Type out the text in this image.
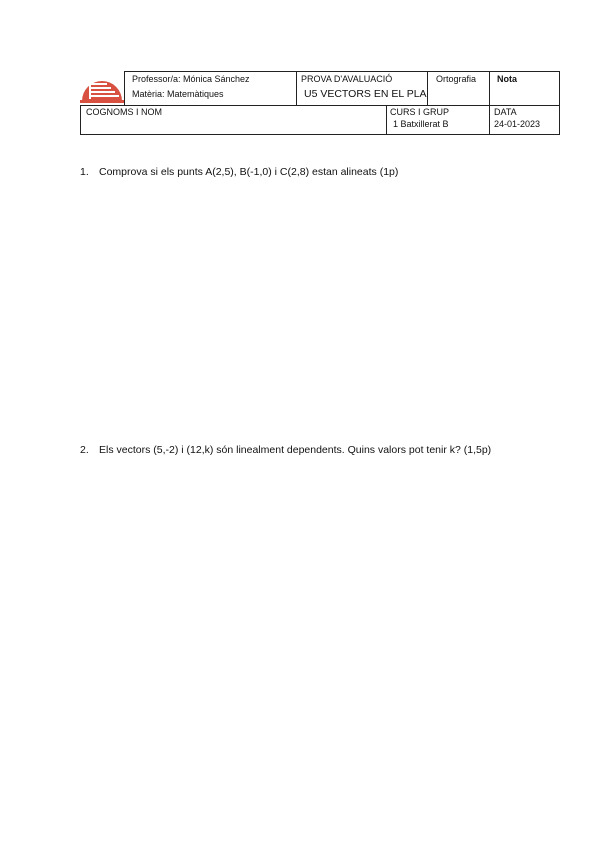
Professor/a: Mónica Sánchez
Matèria: Matemàtiques
PROVA D'AVALUACIÓ
U5 VECTORS EN EL PLA
Ortografia Nota
COGNOMS I NOM	CURS I GRUP
1 Batxillerat B
DATA
24-01-2023
1. Comprova si els punts A(2,5), B(-1,0) i C(2,8) estan alineats (1p)
2. Els vectors (5,-2) i (12,k) són linealment dependents. Quins valors pot tenir k? (1,5p)
